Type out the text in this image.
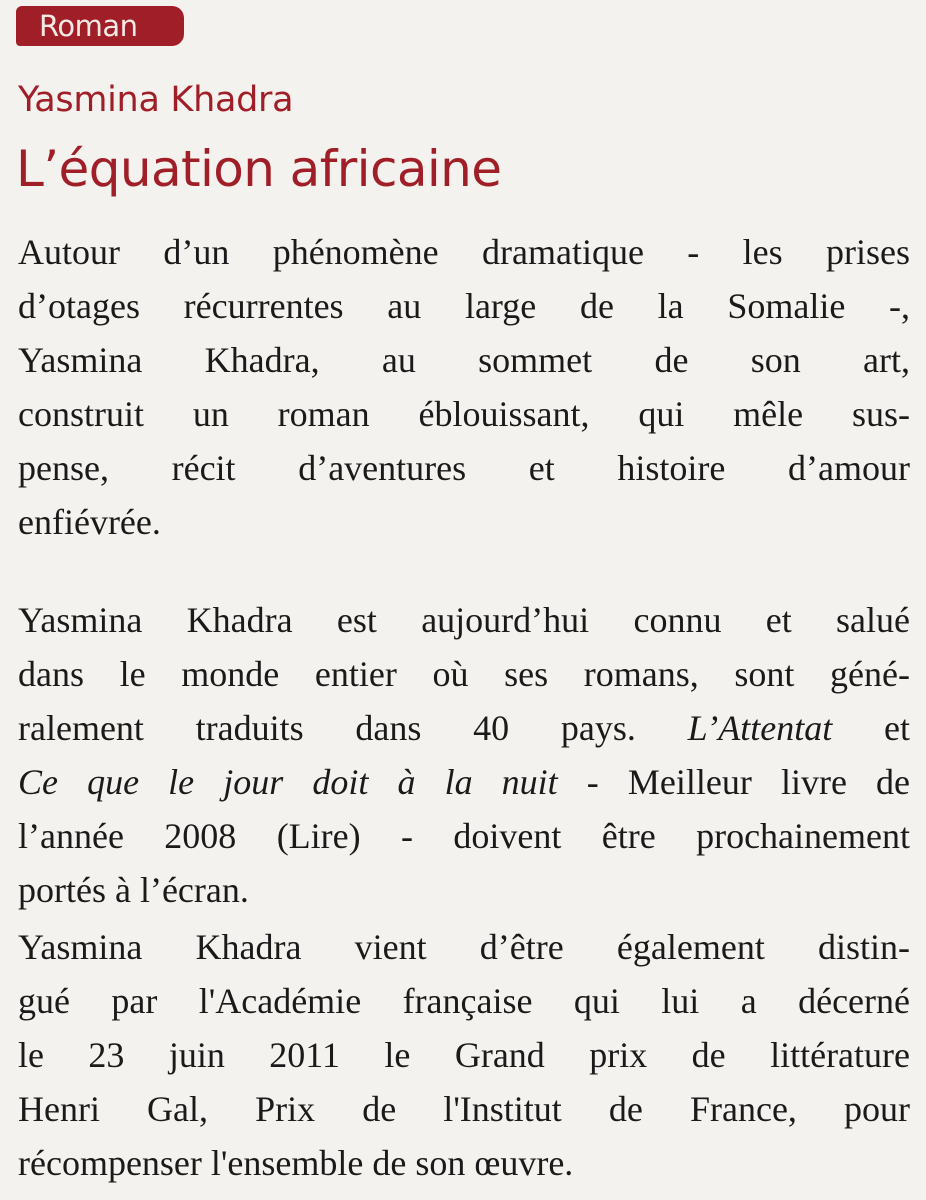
Roman
Yasmina Khadra
L’équation africaine
Autour d’un phénomène dramatique - les prises
d’otages récurrentes au large de la Somalie -,
Yasmina Khadra, au sommet de son art,
construit un roman éblouissant, qui mêle sus-
pense, récit d’aventures et histoire d’amour
enfiévrée.
Yasmina Khadra est aujourd’hui connu et salué
dans le monde entier où ses romans, sont géné-
ralement traduits dans 40 pays. L’Attentat et
Ce que le jour doit à la nuit - Meilleur livre de
l’année 2008 (Lire) - doivent être prochainement
portés à l’écran.
Yasmina Khadra vient d’être également distin-
gué par l'Académie française qui lui a décerné
le 23 juin 2011 le Grand prix de littérature
Henri Gal, Prix de l'Institut de France, pour
récompenser l'ensemble de son œuvre.
